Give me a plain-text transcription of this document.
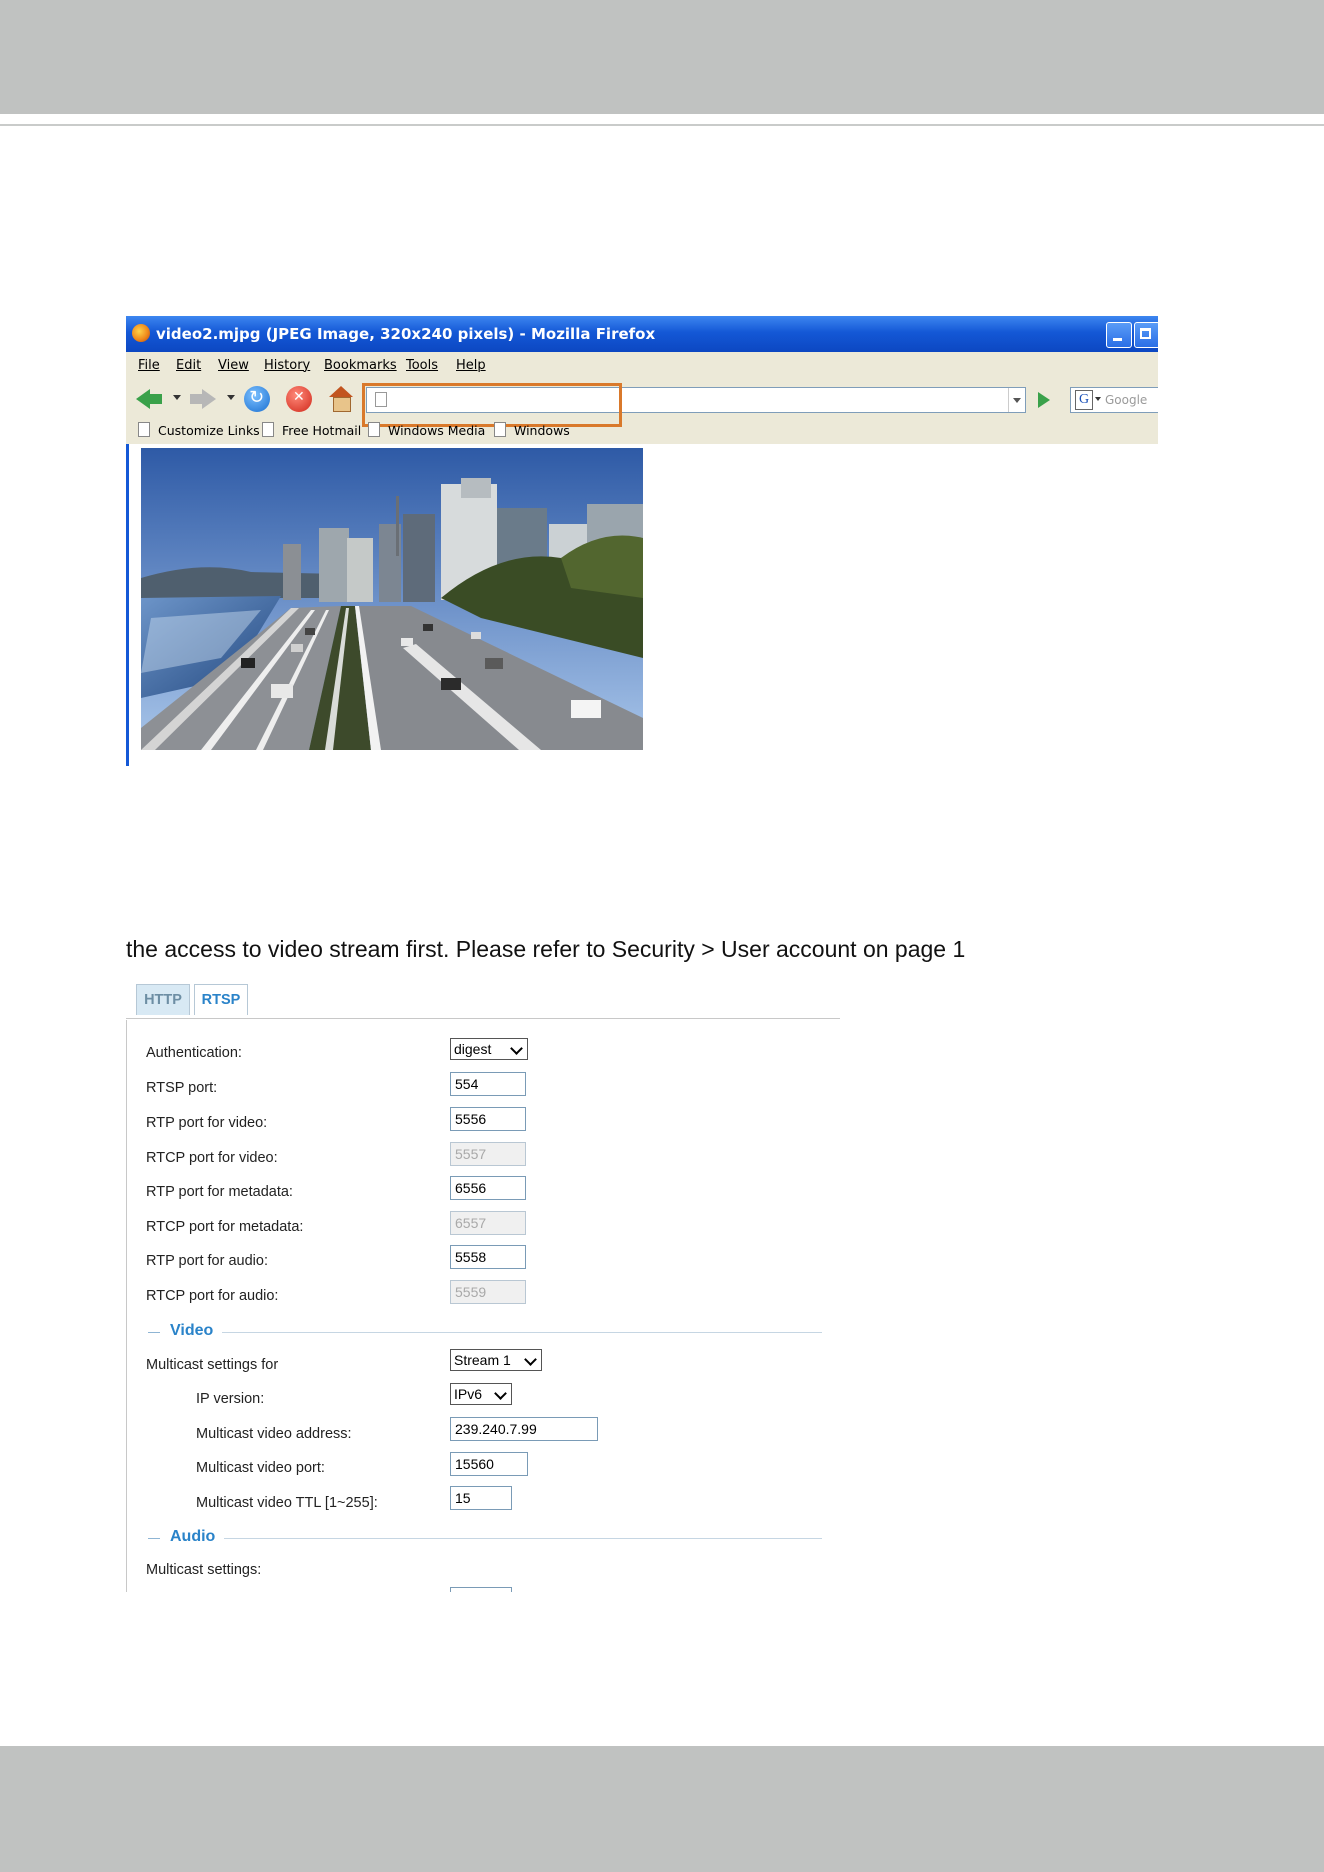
video2.mjpg (JPEG Image, 320x240 pixels) - Mozilla Firefox
File Edit View History Bookmarks Tools Help
↻
✕
G	Google
Customize Links	Free Hotmail	Windows Media	Windows
the access to video stream first. Please refer to Security > User account on page 1
HTTP	RTSP
Authentication:	digest
RTSP port:	554
RTP port for video:	5556
RTCP port for video:	5557
RTP port for metadata:	6556
RTCP port for metadata:	6557
RTP port for audio:	5558
RTCP port for audio:	5559
Video
Multicast settings for	Stream 1
IP version:	IPv6
Multicast video address:	239.240.7.99
Multicast video port:	15560
Multicast video TTL [1~255]:	15
Audio
Multicast settings:
